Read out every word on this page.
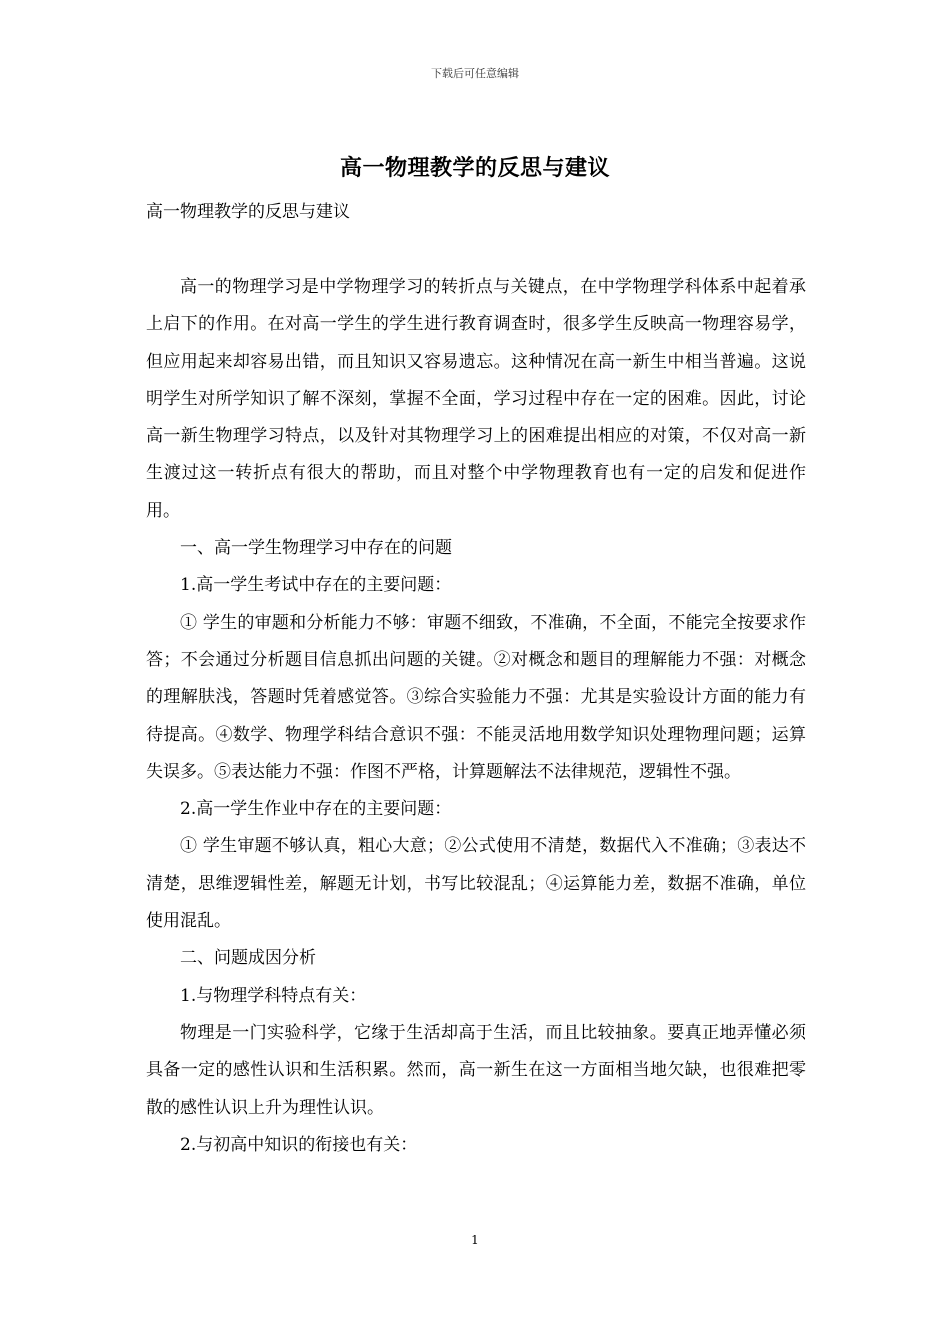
下载后可任意编辑
高一物理教学的反思与建议
高一物理教学的反思与建议

高一的物理学习是中学物理学习的转折点与关键点，在中学物理学科体系中起着承上启下的作用。在对高一学生的学生进行教育调查时，很多学生反映高一物理容易学，但应用起来却容易出错，而且知识又容易遗忘。这种情况在高一新生中相当普遍。这说明学生对所学知识了解不深刻，掌握不全面，学习过程中存在一定的困难。因此，讨论高一新生物理学习特点，以及针对其物理学习上的困难提出相应的对策，不仅对高一新生渡过这一转折点有很大的帮助，而且对整个中学物理教育也有一定的启发和促进作用。

一、高一学生物理学习中存在的问题

1.高一学生考试中存在的主要问题：

① 学生的审题和分析能力不够：审题不细致，不准确，不全面，不能完全按要求作答；不会通过分析题目信息抓出问题的关键。②对概念和题目的理解能力不强：对概念的理解肤浅，答题时凭着感觉答。③综合实验能力不强：尤其是实验设计方面的能力有待提高。④数学、物理学科结合意识不强：不能灵活地用数学知识处理物理问题；运算失误多。⑤表达能力不强：作图不严格，计算题解法不法律规范，逻辑性不强。

2.高一学生作业中存在的主要问题：

① 学生审题不够认真，粗心大意；②公式使用不清楚，数据代入不准确；③表达不清楚，思维逻辑性差，解题无计划，书写比较混乱；④运算能力差，数据不准确，单位使用混乱。

二、问题成因分析

1.与物理学科特点有关：

物理是一门实验科学，它缘于生活却高于生活，而且比较抽象。要真正地弄懂必须具备一定的感性认识和生活积累。然而，高一新生在这一方面相当地欠缺，也很难把零散的感性认识上升为理性认识。

2.与初高中知识的衔接也有关：

1
